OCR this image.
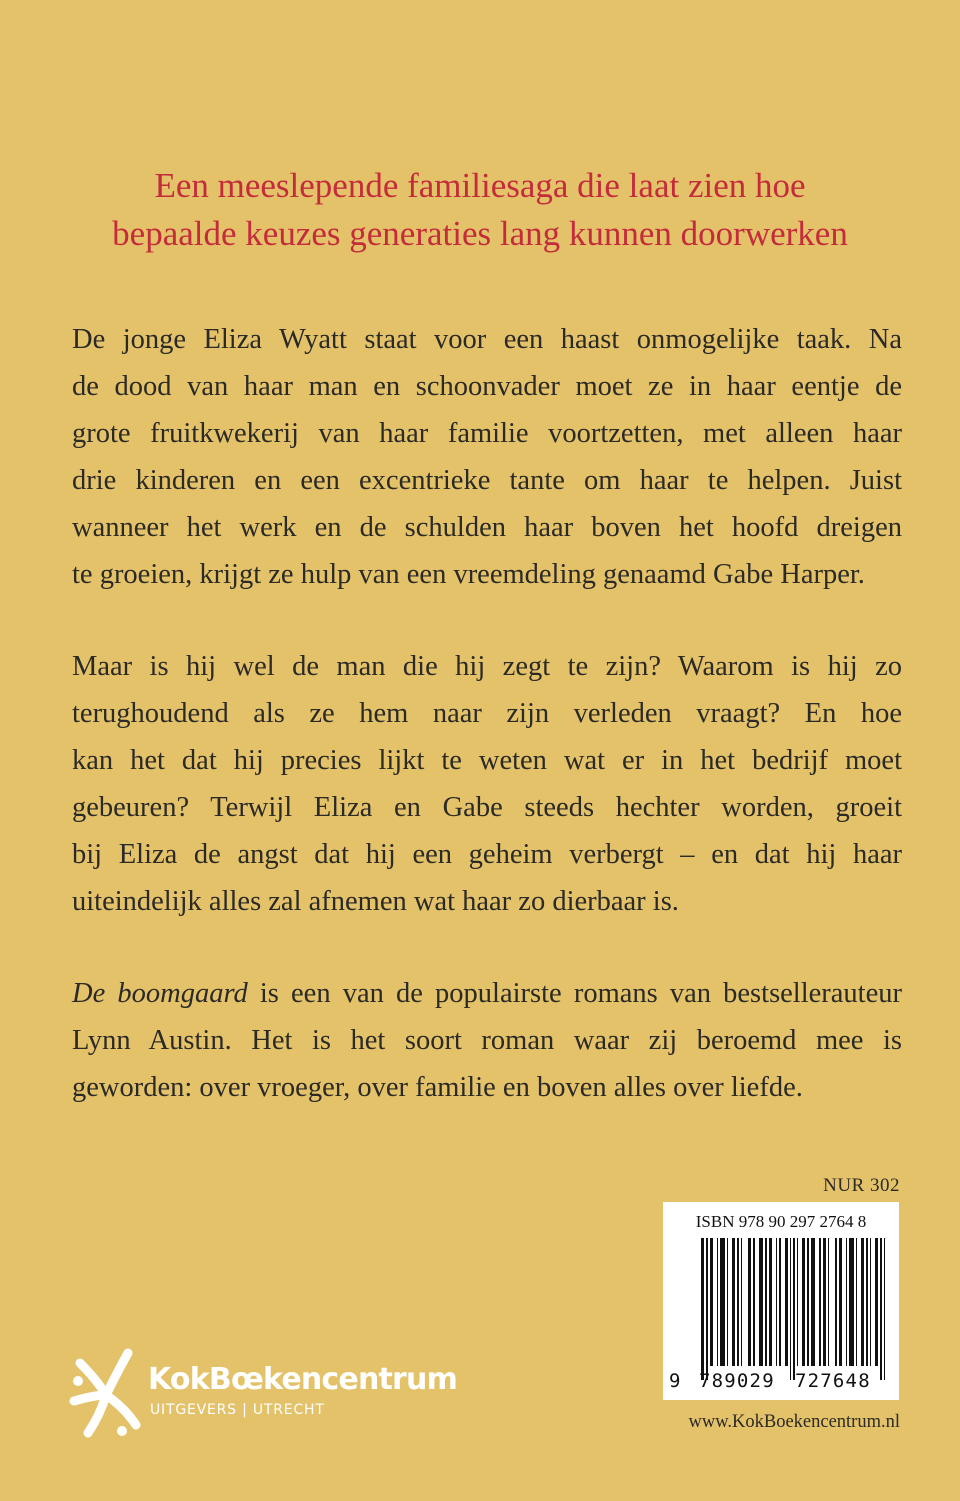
Een meeslepende familiesaga die laat zien hoe
bepaalde keuzes generaties lang kunnen doorwerken
De jonge Eliza Wyatt staat voor een haast onmogelijke taak. Na
de dood van haar man en schoonvader moet ze in haar eentje de
grote fruitkwekerij van haar familie voortzetten, met alleen haar
drie kinderen en een excentrieke tante om haar te helpen. Juist
wanneer het werk en de schulden haar boven het hoofd dreigen
te groeien, krijgt ze hulp van een vreemdeling genaamd Gabe Harper.
Maar is hij wel de man die hij zegt te zijn? Waarom is hij zo
terughoudend als ze hem naar zijn verleden vraagt? En hoe
kan het dat hij precies lijkt te weten wat er in het bedrijf moet
gebeuren? Terwijl Eliza en Gabe steeds hechter worden, groeit
bij Eliza de angst dat hij een geheim verbergt – en dat hij haar
uiteindelijk alles zal afnemen wat haar zo dierbaar is.
De boomgaard is een van de populairste romans van bestsellerauteur
Lynn Austin. Het is het soort roman waar zij beroemd mee is
geworden: over vroeger, over familie en boven alles over liefde.
NUR 302
ISBN 978 90 297 2764 8
9 789029 727648
www.KokBoekencentrum.nl
KokBœkencentrum
UITGEVERS | UTRECHT
